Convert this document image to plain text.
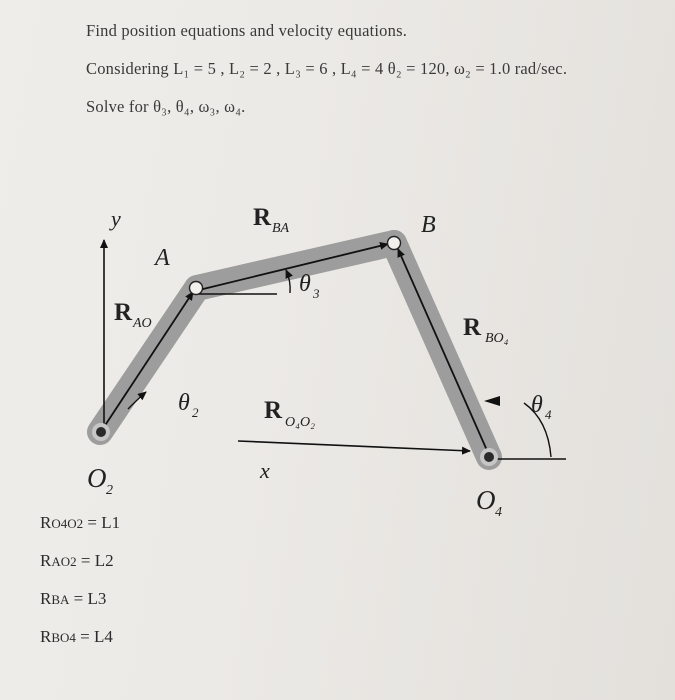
Find position equations and velocity equations.
Considering L₁ = 5 , L₂ = 2 , L₃ = 6 , L₄ = 4 θ₂ = 120, ω₂ = 1.0 rad/sec.
Solve for θ₃, θ₄, ω₃, ω₄.
y
x
A
B
O 2	O 4
R AO
R BA
R BO₄
R O₄O₂
θ 2
θ 3
θ 4
RO4O2 = L1
RAO2 = L2
RBA = L3
RBO4 = L4
